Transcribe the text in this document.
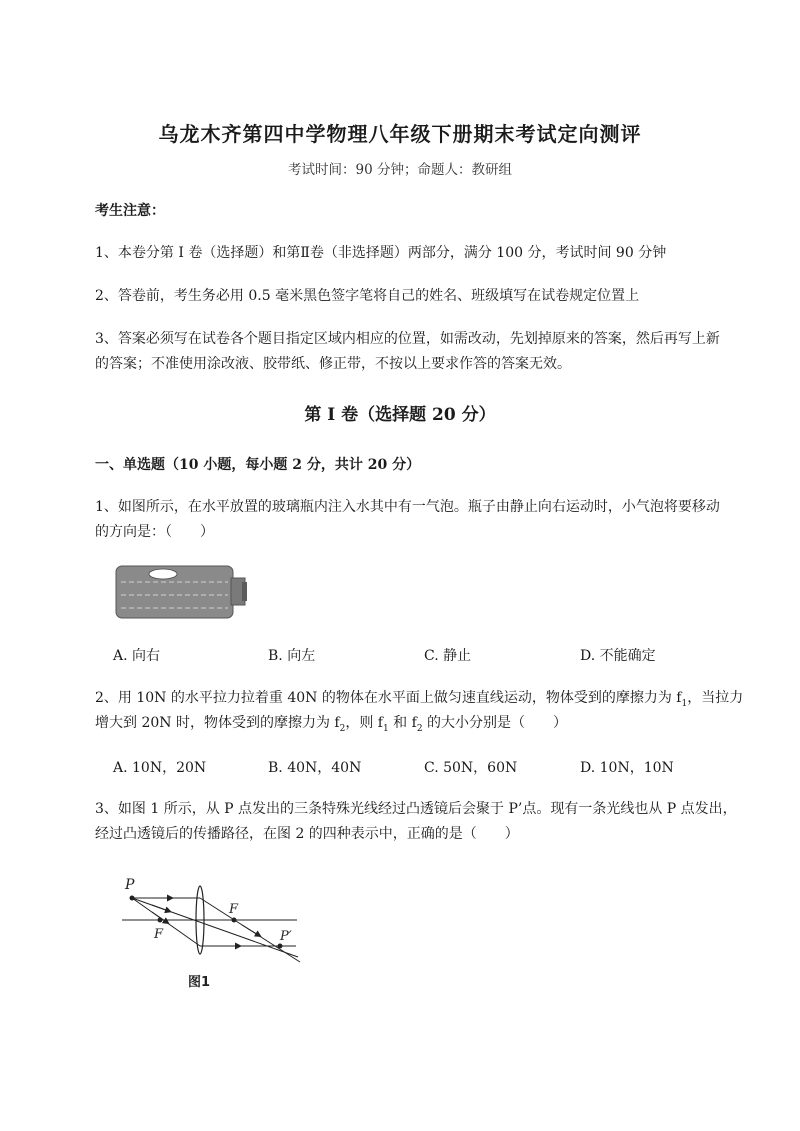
乌龙木齐第四中学物理八年级下册期末考试定向测评
考试时间：90 分钟；命题人：教研组
考生注意：
1、本卷分第 I 卷（选择题）和第Ⅱ卷（非选择题）两部分，满分 100 分，考试时间 90 分钟
2、答卷前，考生务必用 0.5 毫米黑色签字笔将自己的姓名、班级填写在试卷规定位置上
3、答案必须写在试卷各个题目指定区域内相应的位置，如需改动，先划掉原来的答案，然后再写上新
的答案；不准使用涂改液、胶带纸、修正带，不按以上要求作答的答案无效。
第 I 卷（选择题 20 分）
一、单选题（10 小题，每小题 2 分，共计 20 分）
1、如图所示，在水平放置的玻璃瓶内注入水其中有一气泡。瓶子由静止向右运动时，小气泡将要移动
的方向是：（　　）
A. 向右	B. 向左	C. 静止	D. 不能确定
2、用 10N 的水平拉力拉着重 40N 的物体在水平面上做匀速直线运动，物体受到的摩擦力为 $f_1$，当拉力
增大到 20N 时，物体受到的摩擦力为 $f_2$，则 $f_1$ 和 $f_2$ 的大小分别是（　　）
A. 10N，20N	B. 40N，40N	C. 50N，60N	D. 10N，10N
3、如图 1 所示，从 P 点发出的三条特殊光线经过凸透镜后会聚于 P’点。现有一条光线也从 P 点发出，
经过凸透镜后的传播路径，在图 2 的四种表示中，正确的是（　　）
P
F
F	P′
图1
